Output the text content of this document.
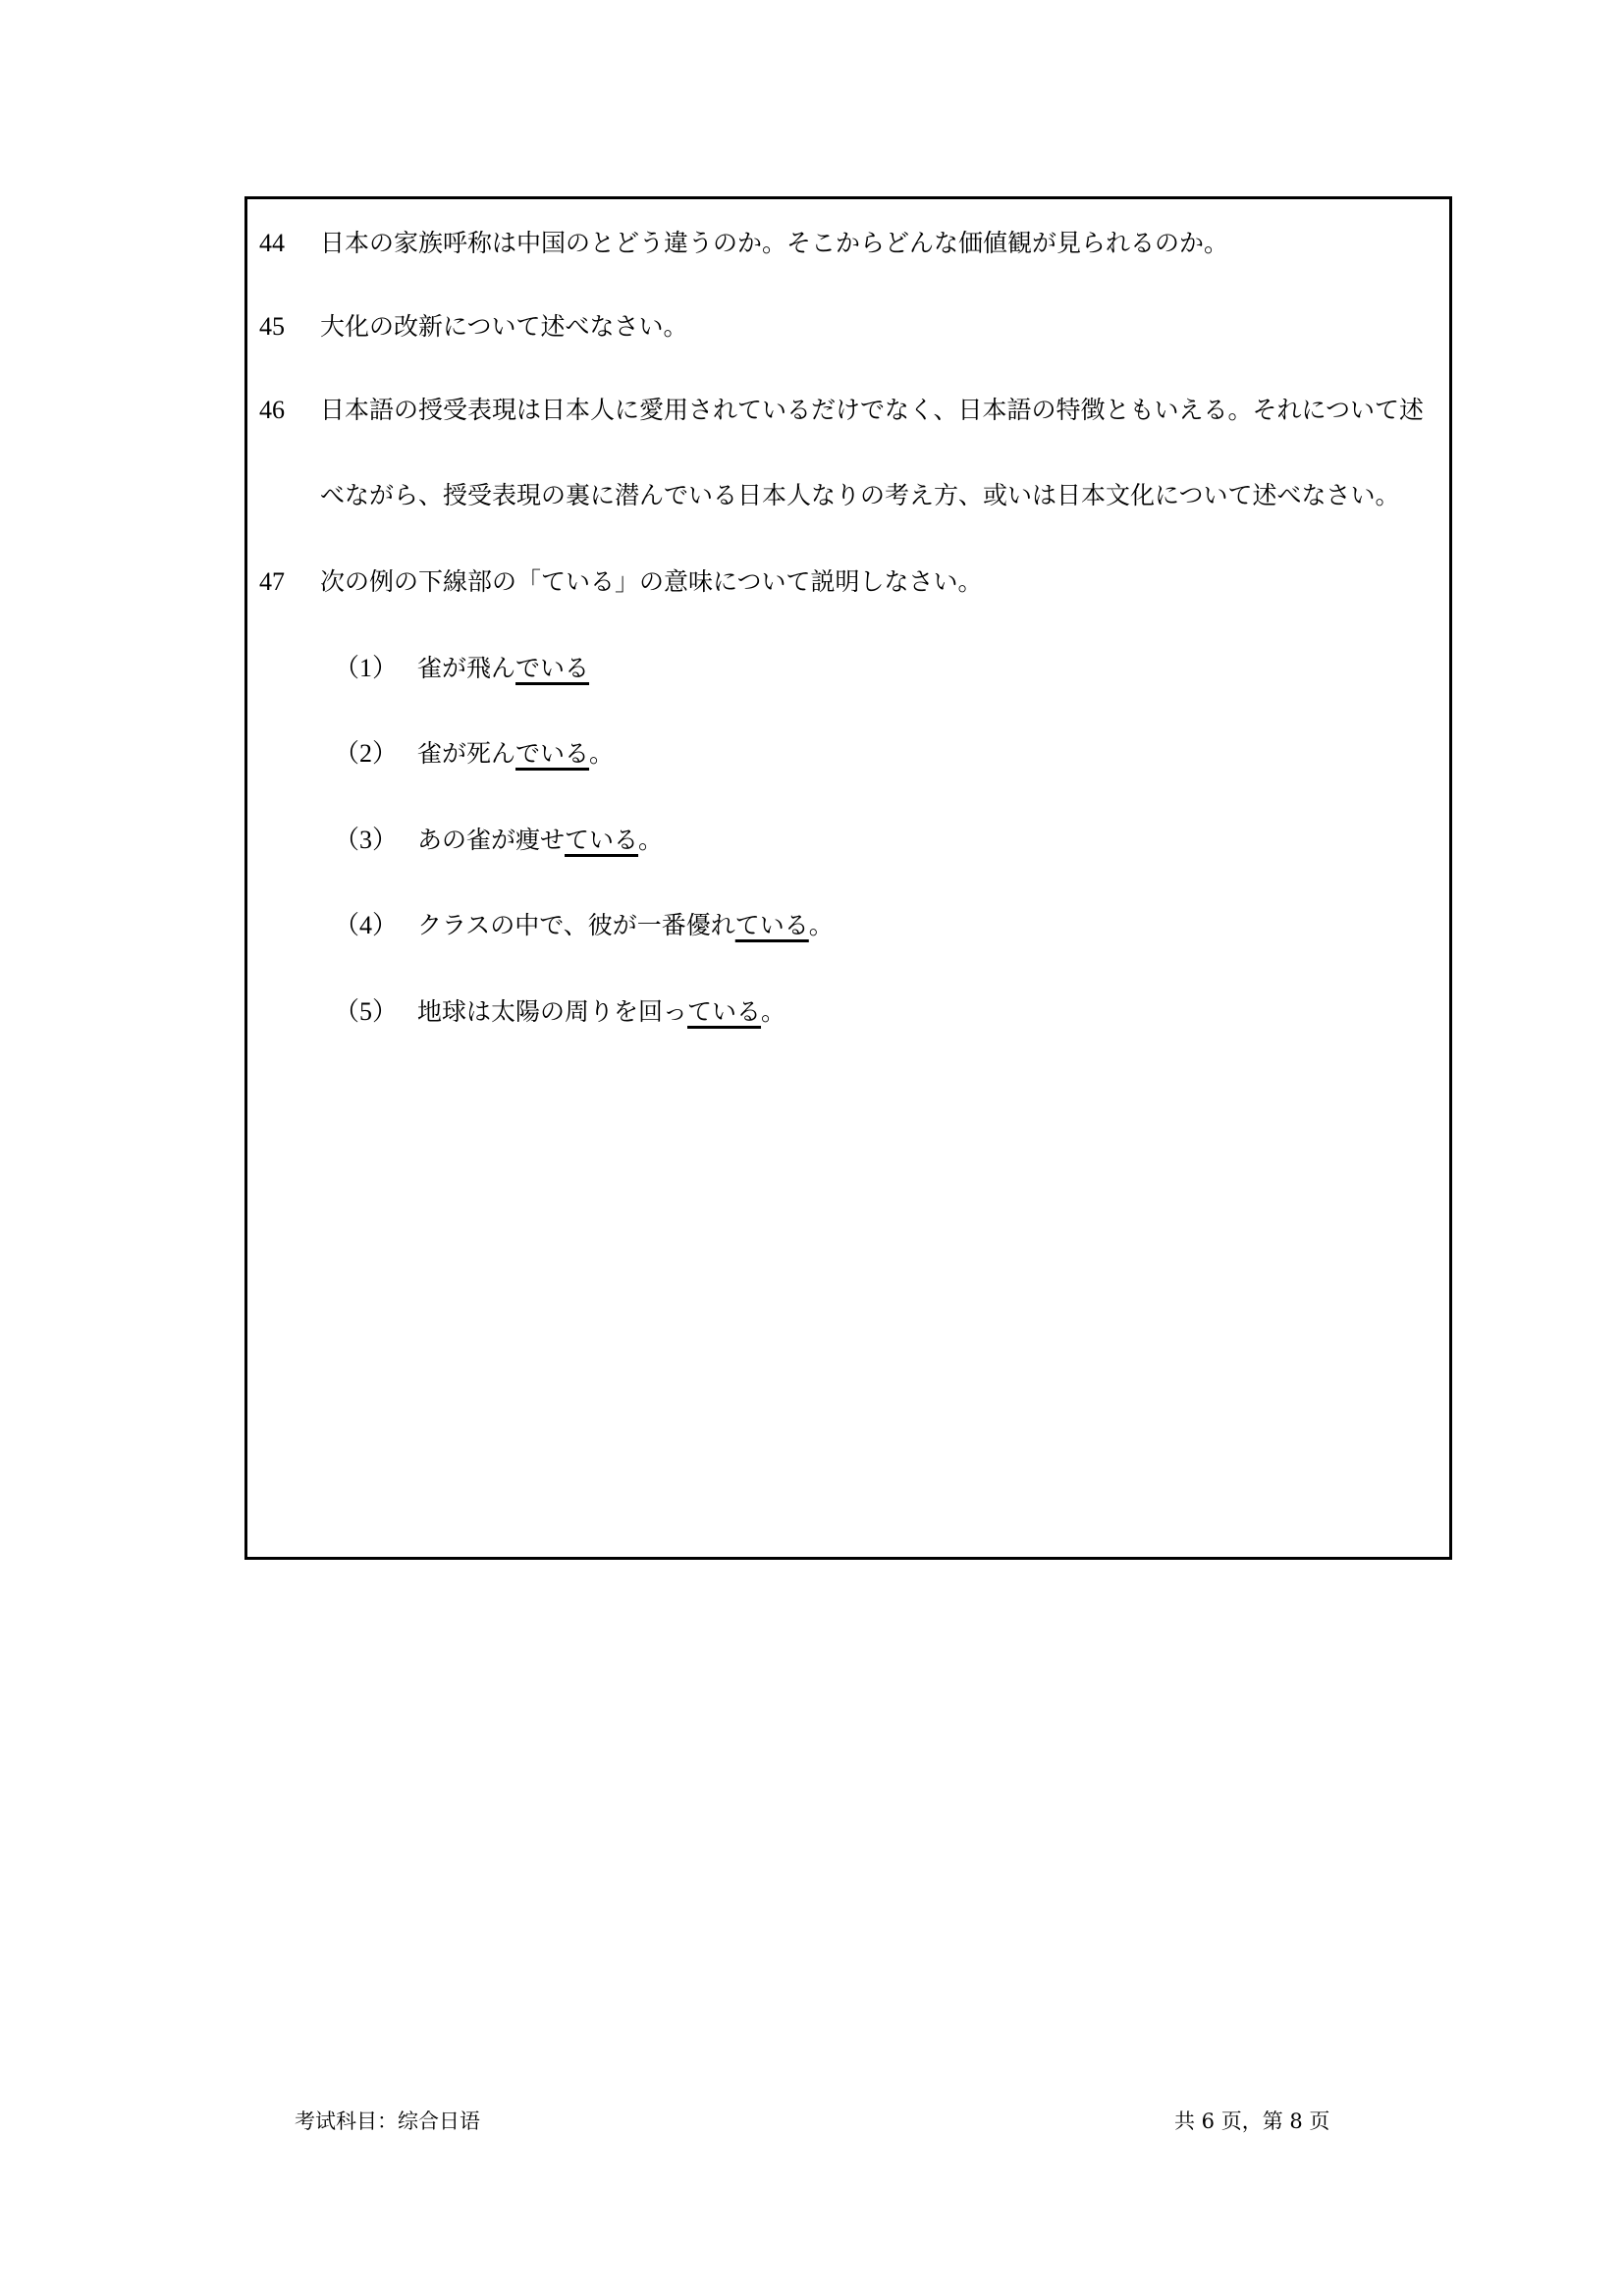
44 日本の家族呼称は中国のとどう違うのか。そこからどんな価値観が見られるのか。
45 大化の改新について述べなさい。
46 日本語の授受表現は日本人に愛用されているだけでなく、日本語の特徴ともいえる。それについて述
べながら、授受表現の裏に潜んでいる日本人なりの考え方、或いは日本文化について述べなさい。
47 次の例の下線部の「ている」の意味について説明しなさい。
（1） 雀が飛んでいる
（2） 雀が死んでいる。
（3） あの雀が痩せている。
（4） クラスの中で、彼が一番優れている。
（5） 地球は太陽の周りを回っている。
考试科目：综合日语	共 6 页，第 8 页
